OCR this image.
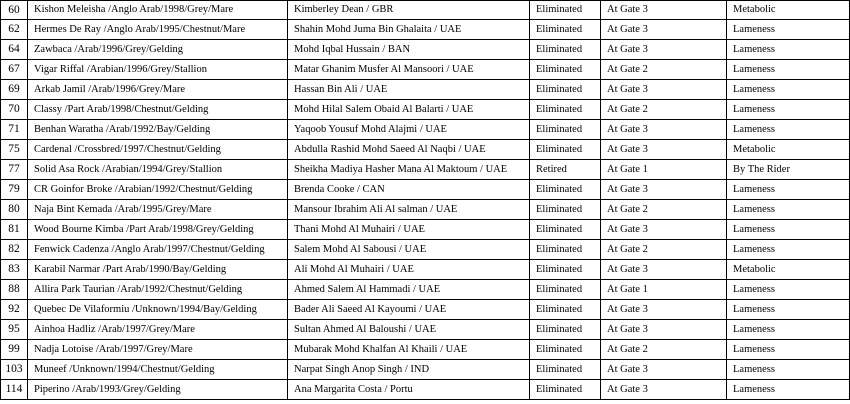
60	Kishon Meleisha /Anglo Arab/1998/Grey/Mare	Kimberley Dean / GBR	Eliminated	At Gate 3	Metabolic
62	Hermes De Ray /Anglo Arab/1995/Chestnut/Mare	Shahin Mohd Juma Bin Ghalaita / UAE	Eliminated	At Gate 3	Lameness
64	Zawbaca /Arab/1996/Grey/Gelding	Mohd Iqbal Hussain / BAN	Eliminated	At Gate 3	Lameness
67	Vigar Riffal /Arabian/1996/Grey/Stallion	Matar Ghanim Musfer Al Mansoori / UAE	Eliminated	At Gate 2	Lameness
69	Arkab Jamil /Arab/1996/Grey/Mare	Hassan Bin Ali / UAE	Eliminated	At Gate 3	Lameness
70	Classy /Part Arab/1998/Chestnut/Gelding	Mohd Hilal Salem Obaid Al Balarti / UAE	Eliminated	At Gate 2	Lameness
71	Benhan Waratha /Arab/1992/Bay/Gelding	Yaqoob Yousuf Mohd Alajmi / UAE	Eliminated	At Gate 3	Lameness
75	Cardenal /Crossbred/1997/Chestnut/Gelding	Abdulla Rashid Mohd Saeed Al Naqbi / UAE	Eliminated	At Gate 3	Metabolic
77	Solid Asa Rock /Arabian/1994/Grey/Stallion	Sheikha Madiya Hasher Mana Al Maktoum / UAE	Retired	At Gate 1	By The Rider
79	CR Goinfor Broke /Arabian/1992/Chestnut/Gelding	Brenda Cooke / CAN	Eliminated	At Gate 3	Lameness
80	Naja Bint Kemada /Arab/1995/Grey/Mare	Mansour Ibrahim Ali Al salman / UAE	Eliminated	At Gate 2	Lameness
81	Wood Bourne Kimba /Part Arab/1998/Grey/Gelding	Thani Mohd Al Muhairi / UAE	Eliminated	At Gate 3	Lameness
82	Fenwick Cadenza /Anglo Arab/1997/Chestnut/Gelding	Salem Mohd Al Sabousi / UAE	Eliminated	At Gate 2	Lameness
83	Karabil Narmar /Part Arab/1990/Bay/Gelding	Ali Mohd Al Muhairi / UAE	Eliminated	At Gate 3	Metabolic
88	Allira Park Taurian /Arab/1992/Chestnut/Gelding	Ahmed Salem Al Hammadi / UAE	Eliminated	At Gate 1	Lameness
92	Quebec De Vilaformiu /Unknown/1994/Bay/Gelding	Bader Ali Saeed Al Kayoumi / UAE	Eliminated	At Gate 3	Lameness
95	Ainhoa Hadliz /Arab/1997/Grey/Mare	Sultan Ahmed Al Baloushi / UAE	Eliminated	At Gate 3	Lameness
99	Nadja Lotoise /Arab/1997/Grey/Mare	Mubarak Mohd Khalfan Al Khaili / UAE	Eliminated	At Gate 2	Lameness
103	Muneef /Unknown/1994/Chestnut/Gelding	Narpat Singh Anop Singh / IND	Eliminated	At Gate 3	Lameness
114	Piperino /Arab/1993/Grey/Gelding	Ana Margarita Costa / Portu	Eliminated	At Gate 3	Lameness
